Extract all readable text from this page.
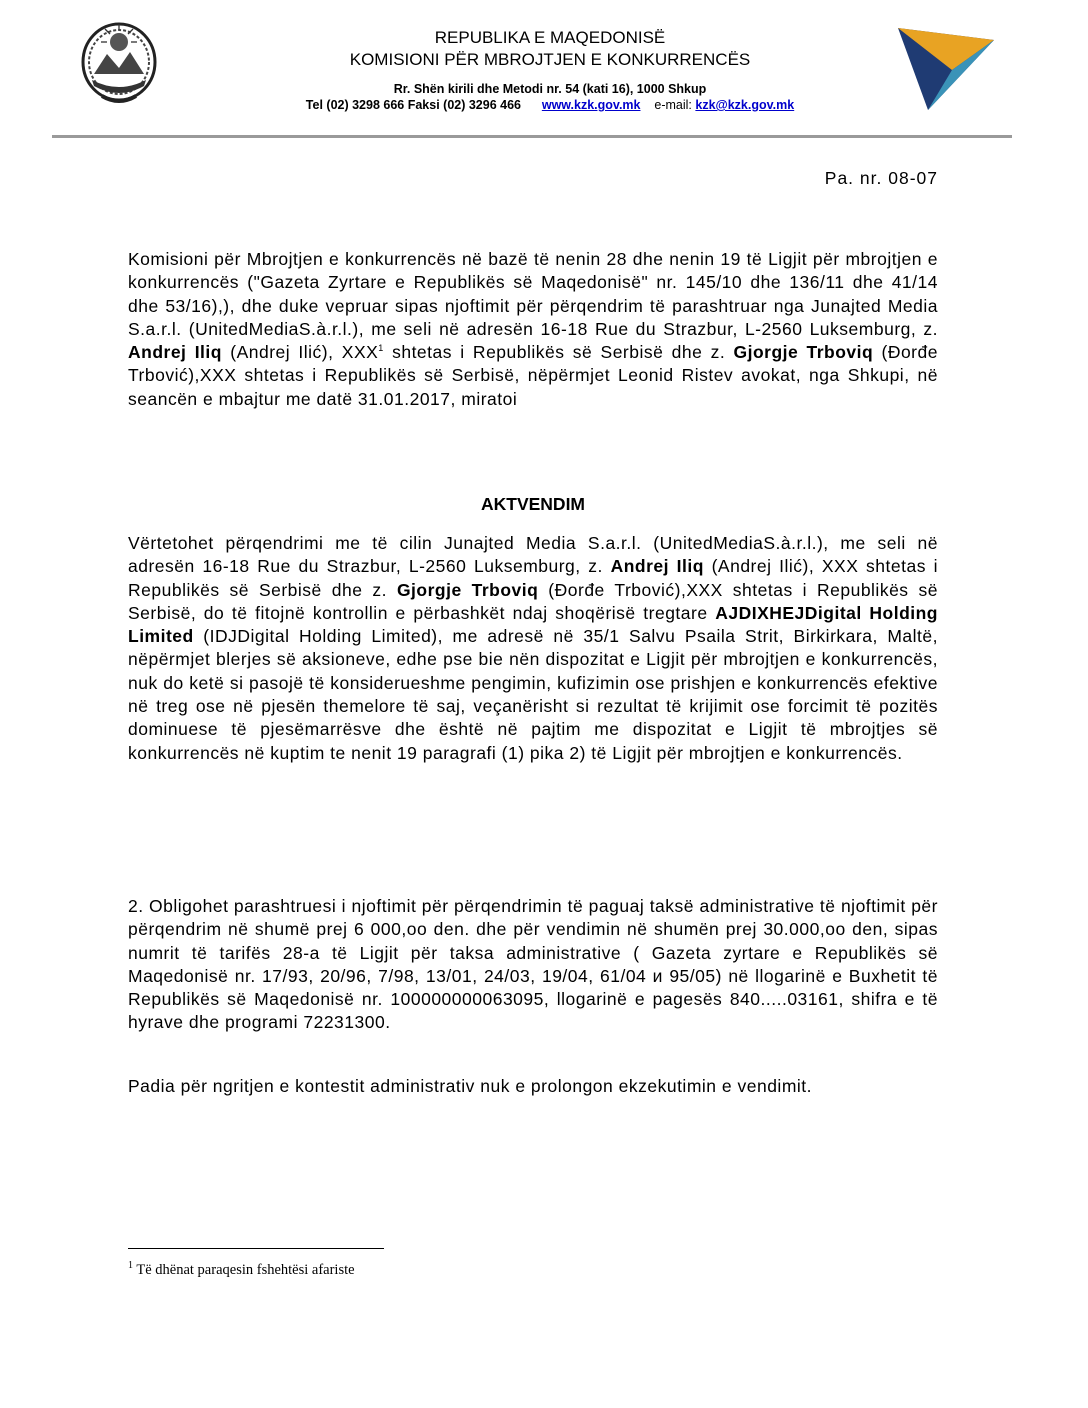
REPUBLIKA E MAQEDONISË
KOMISIONI PËR MBROJTJEN E KONKURRENCËS
Rr. Shën kirili dhe Metodi nr. 54 (kati 16), 1000 Shkup
Tel (02) 3298 666 Faksi (02) 3296 466 www.kzk.gov.mk e-mail: kzk@kzk.gov.mk
Pa. nr. 08-07
Komisioni për Mbrojtjen e konkurrencës në bazë të nenin 28 dhe nenin 19 të Ligjit për mbrojtjen e konkurrencës ("Gazeta Zyrtare e Republikës së Maqedonisë" nr. 145/10 dhe 136/11 dhe 41/14 dhe 53/16),), dhe duke vepruar sipas njoftimit për përqendrim të parashtruar nga Junajted Media S.a.r.l. (UnitedMediaS.à.r.l.), me seli në adresën 16-18 Rue du Strazbur, L-2560 Luksemburg, z. Andrej Iliq (Andrej Ilić), XXX$^1$ shtetas i Republikës së Serbisë dhe z. Gjorgje Trboviq (Đorđe Trbović),XXX shtetas i Republikës së Serbisë, nëpërmjet Leonid Ristev avokat, nga Shkupi, në seancën e mbajtur me datë 31.01.2017, miratoi
AKTVENDIM
Vërtetohet përqendrimi me të cilin Junajted Media S.a.r.l. (UnitedMediaS.à.r.l.), me seli në adresën 16-18 Rue du Strazbur, L-2560 Luksemburg, z. Andrej Iliq (Andrej Ilić), XXX shtetas i Republikës së Serbisë dhe z. Gjorgje Trboviq (Đorđe Trbović),XXX shtetas i Republikës së Serbisë, do të fitojnë kontrollin e përbashkët ndaj shoqërisë tregtare AJDIXHEJDigital Holding Limited (IDJDigital Holding Limited), me adresë në 35/1 Salvu Psaila Strit, Birkirkara, Maltë, nëpërmjet blerjes së aksioneve, edhe pse bie nën dispozitat e Ligjit për mbrojtjen e konkurrencës, nuk do ketë si pasojë të konsiderueshme pengimin, kufizimin ose prishjen e konkurrencës efektive në treg ose në pjesën themelore të saj, veçanërisht si rezultat të krijimit ose forcimit të pozitës dominuese të pjesëmarrësve dhe është në pajtim me dispozitat e Ligjit të mbrojtjes së konkurrencës në kuptim te nenit 19 paragrafi (1) pika 2) të Ligjit për mbrojtjen e konkurrencës.
2. Obligohet parashtruesi i njoftimit për përqendrimin të paguaj taksë administrative të njoftimit për përqendrim në shumë prej 6 000,oo den. dhe për vendimin në shumën prej 30.000,oo den, sipas numrit të tarifës 28-a të Ligjit për taksa administrative ( Gazeta zyrtare e Republikës së Maqedonisë nr. 17/93, 20/96, 7/98, 13/01, 24/03, 19/04, 61/04 и 95/05) në llogarinë e Buxhetit të Republikës së Maqedonisë nr. 100000000063095, llogarinë e pagesës 840.....03161, shifra e të hyrave dhe programi 72231300.
Padia për ngritjen e kontestit administrativ nuk e prolongon ekzekutimin e vendimit.
$^1$ Të dhënat paraqesin fshehtësi afariste
